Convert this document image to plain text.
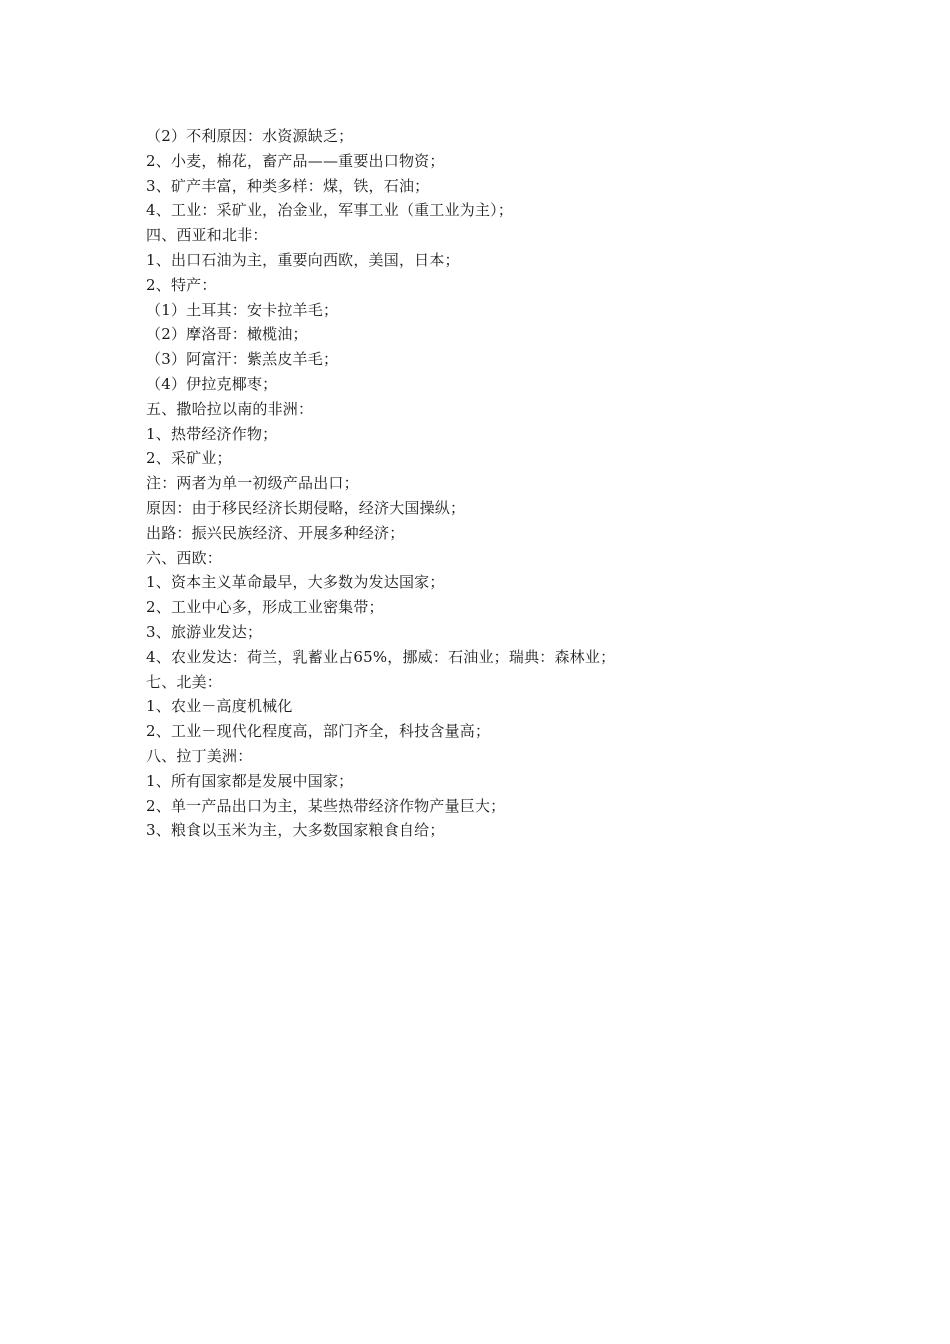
（2）不利原因：水资源缺乏；
2、小麦，棉花，畜产品——重要出口物资；
3、矿产丰富，种类多样：煤，铁，石油；
4、工业：采矿业，冶金业，军事工业（重工业为主）；
四、西亚和北非：
1、出口石油为主，重要向西欧，美国，日本；
2、特产：
（1）土耳其：安卡拉羊毛；
（2）摩洛哥：橄榄油；
（3）阿富汗：紫羔皮羊毛；
（4）伊拉克椰枣；
五、撒哈拉以南的非洲：
1、热带经济作物；
2、采矿业；
注：两者为单一初级产品出口；
原因：由于移民经济长期侵略，经济大国操纵；
出路：振兴民族经济、开展多种经济；
六、西欧：
1、资本主义革命最早，大多数为发达国家；
2、工业中心多，形成工业密集带；
3、旅游业发达；
4、农业发达：荷兰，乳蓄业占65%，挪威：石油业；瑞典：森林业；
七、北美：
1、农业－高度机械化
2、工业－现代化程度高，部门齐全，科技含量高；
八、拉丁美洲：
1、所有国家都是发展中国家；
2、单一产品出口为主，某些热带经济作物产量巨大；
3、粮食以玉米为主，大多数国家粮食自给；
